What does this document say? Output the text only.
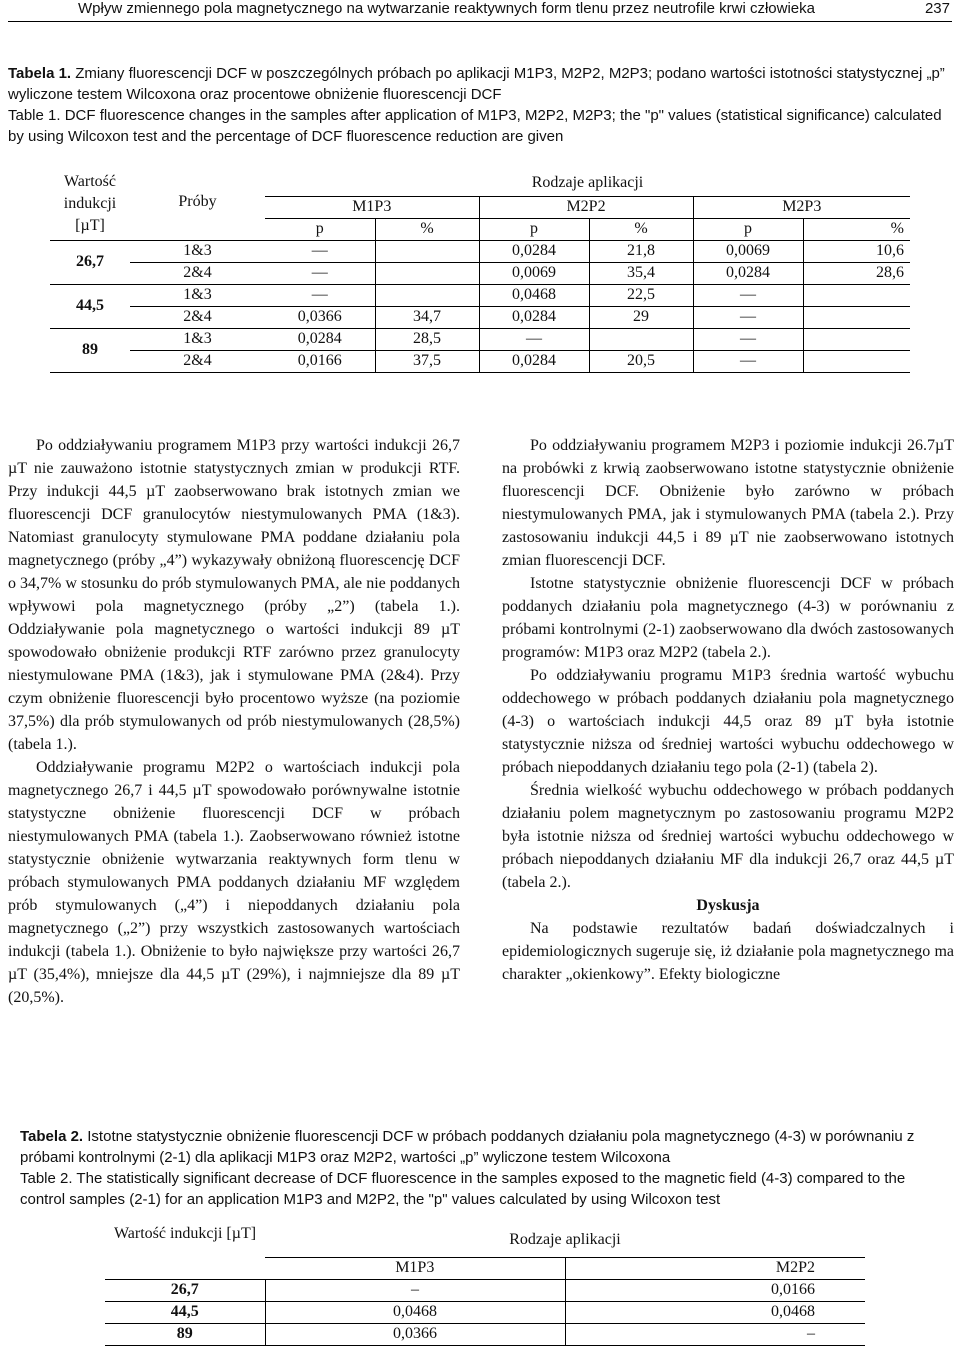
Wpływ zmiennego pola magnetycznego na wytwarzanie reaktywnych form tlenu przez neutrofile krwi człowieka	237
Tabela 1. Zmiany fluorescencji DCF w poszczególnych próbach po aplikacji M1P3, M2P2, M2P3; podano wartości istotności statystycznej „p” wyliczone testem Wilcoxona oraz procentowe obniżenie fluorescencji DCF
Table 1. DCF fluorescence changes in the samples after application of M1P3, M2P2, M2P3; the "p" values (statistical significance) calculated by using Wilcoxon test and the percentage of DCF fluorescence reduction are given
Wartość indukcji [µT]	Próby	Rodzaje aplikacji					
		M1P3		M2P2		M2P3	
		p	%	p	%	p	%
26,7	1&3	—		0,0284	21,8	0,0069	10,6
	2&4	—		0,0069	35,4	0,0284	28,6
44,5	1&3	—		0,0468	22,5	—	
	2&4	0,0366	34,7	0,0284	29	—	
89	1&3	0,0284	28,5	—		—	
	2&4	0,0166	37,5	0,0284	20,5	—	

Po oddziaływaniu programem M1P3 przy wartości indukcji 26,7 µT nie zauważono istotnie statystycznych zmian w produkcji RTF. Przy indukcji 44,5 µT zaobserwowano brak istotnych zmian we fluorescencji DCF granulocytów niestymulowanych PMA (1&3). Natomiast granulocyty stymulowane PMA poddane działaniu pola magnetycznego (próby „4”) wykazywały obniżoną fluorescencję DCF o 34,7% w stosunku do prób stymulowanych PMA, ale nie poddanych wpływowi pola magnetycznego (próby „2”) (tabela 1.). Oddziaływanie pola magnetycznego o wartości indukcji 89 µT spowodowało obniżenie produkcji RTF zarówno przez granulocyty niestymulowane PMA (1&3), jak i stymulowane PMA (2&4). Przy czym obniżenie fluorescencji było procentowo wyższe (na poziomie 37,5%) dla prób stymulowanych od prób niestymulowanych (28,5%) (tabela 1.).

Oddziaływanie programu M2P2 o wartościach indukcji pola magnetycznego 26,7 i 44,5 µT spowodowało porównywalne istotnie statystyczne obniżenie fluorescencji DCF w próbach niestymulowanych PMA (tabela 1.). Zaobserwowano również istotne statystycznie obniżenie wytwarzania reaktywnych form tlenu w próbach stymulowanych PMA poddanych działaniu MF względem prób stymulowanych („4”) i niepoddanych działaniu pola magnetycznego („2”) przy wszystkich zastosowanych wartościach indukcji (tabela 1.). Obniżenie to było największe przy wartości 26,7 µT (35,4%), mniejsze dla 44,5 µT (29%), i najmniejsze dla 89 µT (20,5%).

Po oddziaływaniu programem M2P3 i poziomie indukcji 26.7µT na probówki z krwią zaobserwowano istotne statystycznie obniżenie fluorescencji DCF. Obniżenie było zarówno w próbach niestymulowanych PMA, jak i stymulowanych PMA (tabela 2.). Przy zastosowaniu indukcji 44,5 i 89 µT nie zaobserwowano istotnych zmian fluorescencji DCF.

Istotne statystycznie obniżenie fluorescencji DCF w próbach poddanych działaniu pola magnetycznego (4-3) w porównaniu z próbami kontrolnymi (2-1) zaobserwowano dla dwóch zastosowanych programów: M1P3 oraz M2P2 (tabela 2.).

Po oddziaływaniu programu M1P3 średnia wartość wybuchu oddechowego w próbach poddanych działaniu pola magnetycznego (4-3) o wartościach indukcji 44,5 oraz 89 µT była istotnie statystycznie niższa od średniej wartości wybuchu oddechowego w próbach niepoddanych działaniu tego pola (2-1) (tabela 2).

Średnia wielkość wybuchu oddechowego w próbach poddanych działaniu polem magnetycznym po zastosowaniu programu M2P2 była istotnie niższa od średniej wartości wybuchu oddechowego w próbach niepoddanych działaniu MF dla indukcji 26,7 oraz 44,5 µT (tabela 2.).

Dyskusja

Na podstawie rezultatów badań doświadczalnych i epidemiologicznych sugeruje się, iż działanie pola magnetycznego ma charakter „okienkowy”. Efekty biologiczne

Tabela 2. Istotne statystycznie obniżenie fluorescencji DCF w próbach poddanych działaniu pola magnetycznego (4-3) w porównaniu z próbami kontrolnymi (2-1) dla aplikacji M1P3 oraz M2P2, wartości „p” wyliczone testem Wilcoxona
Table 2. The statistically significant decrease of DCF fluorescence in the samples exposed to the magnetic field (4-3) compared to the control samples (2-1) for an application M1P3 and M2P2, the "p" values calculated by using Wilcoxon test
Wartość indukcji [µT]	Rodzaje aplikacji	
	M1P3	M2P2
26,7	–	0,0166
44,5	0,0468	0,0468
89	0,0366	–
